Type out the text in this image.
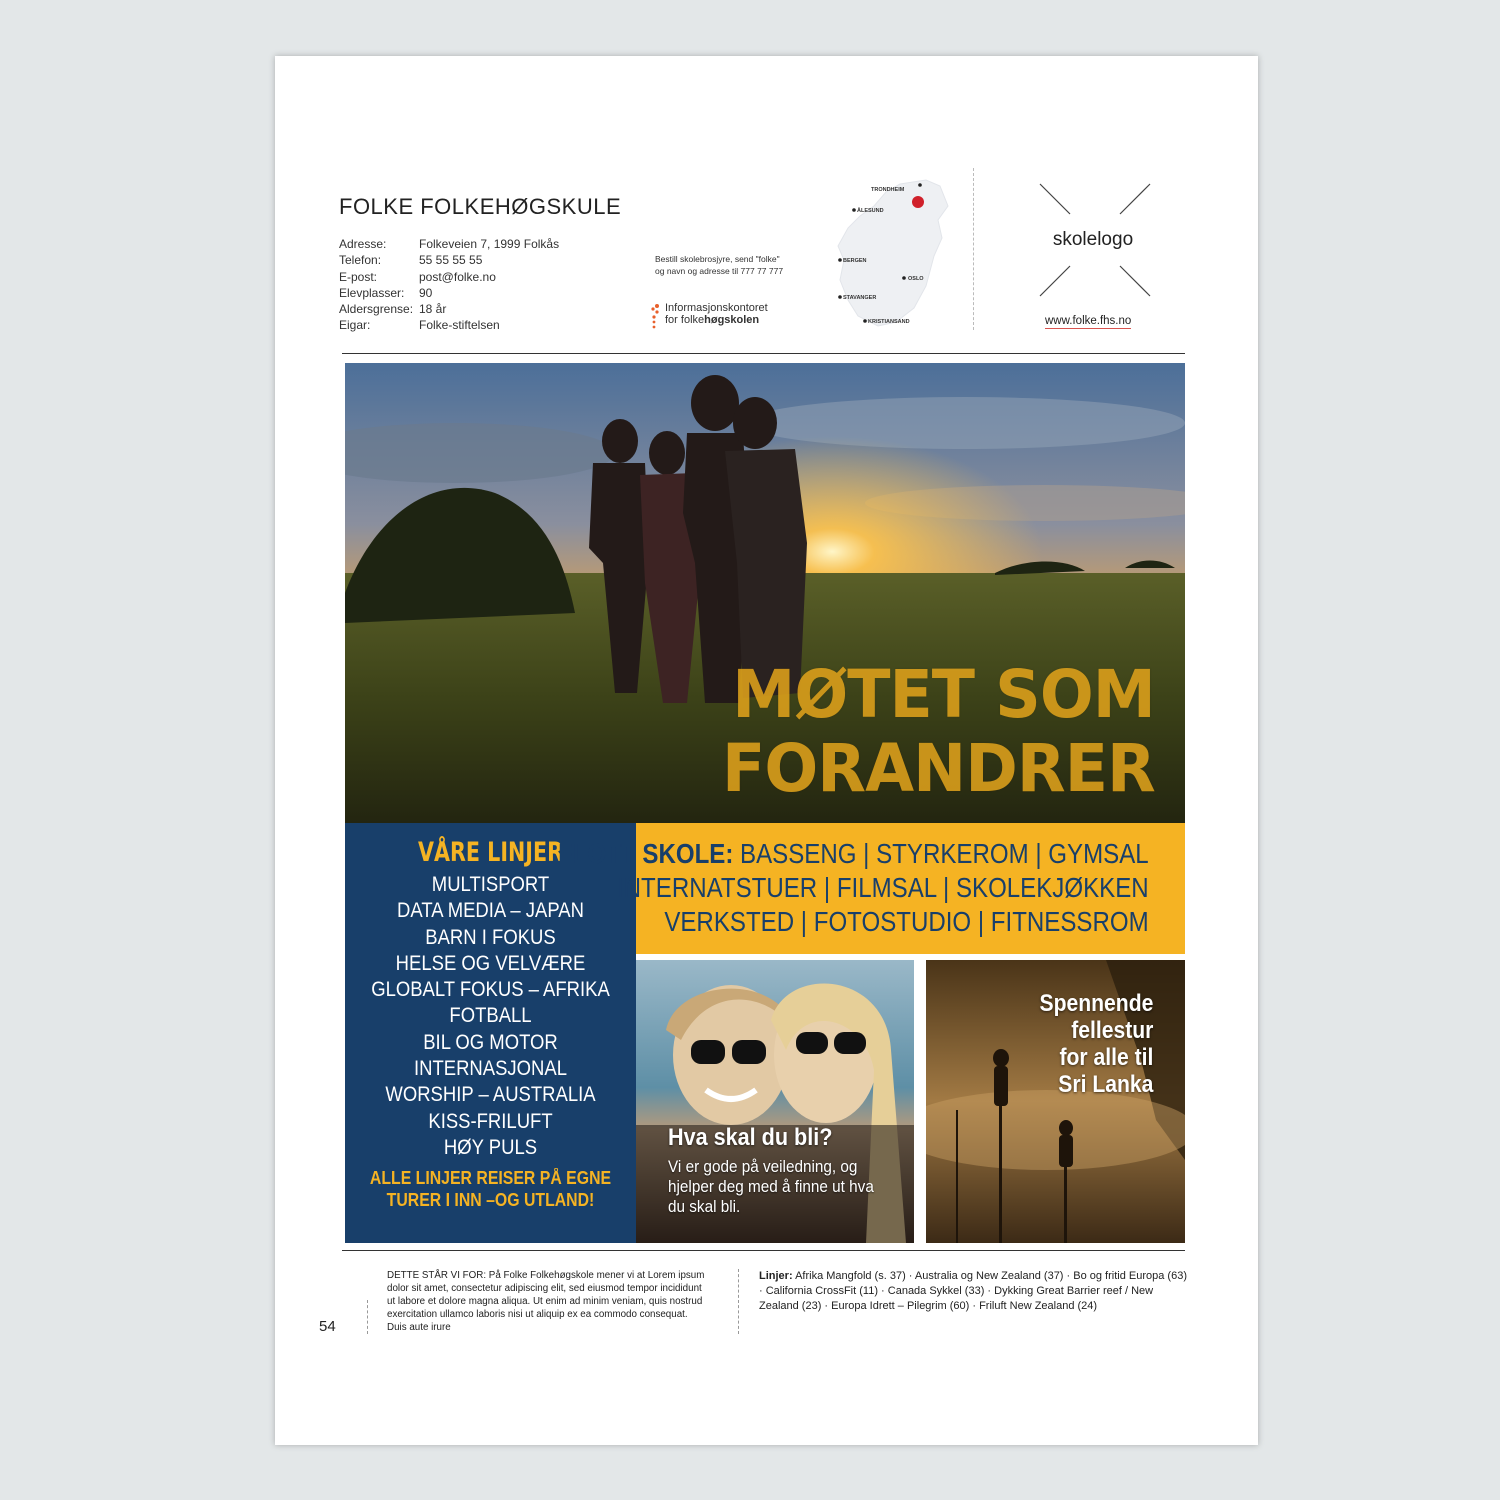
FOLKE FOLKEHØGSKULE
Adresse:	Folkeveien 7, 1999 Folkås
Telefon:	55 55 55 55
E-post:	post@folke.no
Elevplasser:	90
Aldersgrense: 18 år
Eigar:	Folke-stiftelsen
Bestill skolebrosjyre, send "folke"
og navn og adresse til 777 77 777
Informasjonskontoret
for folkehøgskolen
TRONDHEIM
ÅLESUND
BERGEN
OSLO
STAVANGER
KRISTIANSAND
skolelogo
www.folke.fhs.no
MØTET SOM
FORANDRER
VÅRE LINJER
MULTISPORT
DATA MEDIA – JAPAN
BARN I FOKUS
HELSE OG VELVÆRE
GLOBALT FOKUS – AFRIKA
FOTBALL
BIL OG MOTOR
INTERNASJONAL
WORSHIP – AUSTRALIA
KISS-FRILUFT
HØY PULS
ALLE LINJER REISER PÅ EGNE
TURER I INN –OG UTLAND!
FLOTT SKOLE: BASSENG | STYRKEROM | GYMSAL
INTERNATSTUER | FILMSAL | SKOLEKJØKKEN
VERKSTED | FOTOSTUDIO | FITNESSROM
Hva skal du bli?
Vi er gode på veiledning, og hjelper deg med å finne ut hva du skal bli.
Spennende
fellestur
for alle til
Sri Lanka
DETTE STÅR VI FOR: På Folke Folkehøgskole mener vi at Lorem ipsum dolor sit amet, consectetur adipiscing elit, sed eiusmod tempor incididunt ut labore et dolore magna aliqua. Ut enim ad minim veniam, quis nostrud exercitation ullamco laboris nisi ut aliquip ex ea commodo consequat. Duis aute irure
Linjer: Afrika Mangfold (s. 37) · Australia og New Zealand (37) · Bo og fritid Europa (63) · California CrossFit (11) · Canada Sykkel (33) · Dykking Great Barrier reef / New Zealand (23) · Europa Idrett – Pilegrim (60) · Friluft New Zealand (24)
54
